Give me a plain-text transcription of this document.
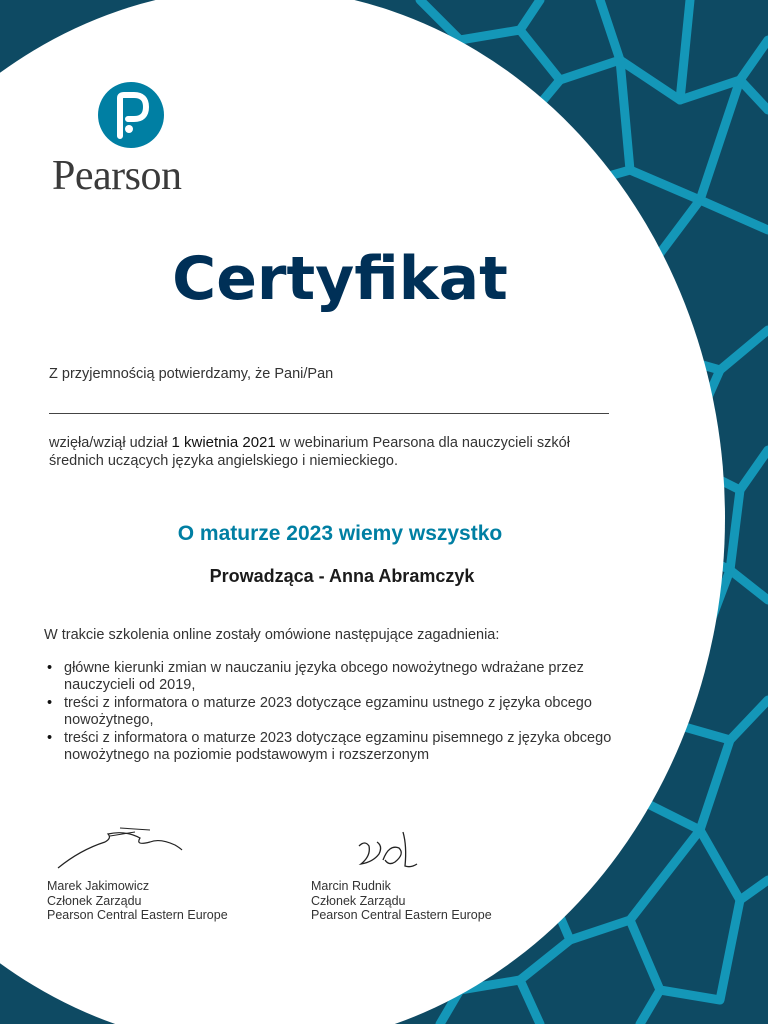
Pearson
Certyfikat
Z przyjemnością potwierdzamy, że Pani/Pan
wzięła/wziął udział 1 kwietnia 2021 w webinarium Pearsona dla nauczycieli szkół średnich uczących języka angielskiego i niemieckiego.
O maturze 2023 wiemy wszystko
Prowadząca - Anna Abramczyk
W trakcie szkolenia online zostały omówione następujące zagadnienia:
• główne kierunki zmian w nauczaniu języka obcego nowożytnego wdrażane przez nauczycieli od 2019,
• treści z informatora o maturze 2023 dotyczące egzaminu ustnego z języka obcego nowożytnego,
• treści z informatora o maturze 2023 dotyczące egzaminu pisemnego z języka obcego nowożytnego na poziomie podstawowym i rozszerzonym
Marek Jakimowicz
Członek Zarządu
Pearson Central Eastern Europe
Marcin Rudnik
Członek Zarządu
Pearson Central Eastern Europe
